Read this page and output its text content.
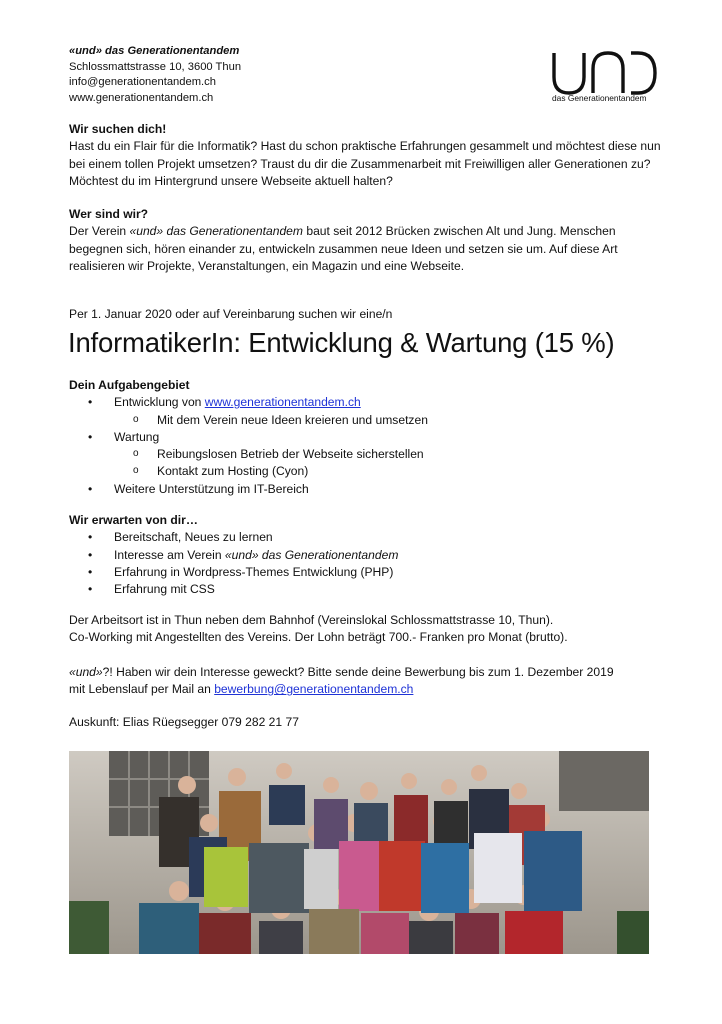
«und» das Generationentandem
Schlossmattstrasse 10, 3600 Thun
info@generationentandem.ch
www.generationentandem.ch	das Generationentandem

Wir suchen dich!

Hast du ein Flair für die Informatik? Hast du schon praktische Erfahrungen gesammelt und möchtest diese nun bei einem tollen Projekt umsetzen? Traust du dir die Zusammenarbeit mit Freiwilligen aller Generationen zu? Möchtest du im Hintergrund unsere Webseite aktuell halten?

Wer sind wir?

Der Verein «und» das Generationentandem baut seit 2012 Brücken zwischen Alt und Jung. Menschen begegnen sich, hören einander zu, entwickeln zusammen neue Ideen und setzen sie um. Auf diese Art realisieren wir Projekte, Veranstaltungen, ein Magazin und eine Webseite.

Per 1. Januar 2020 oder auf Vereinbarung suchen wir eine/n
InformatikerIn: Entwicklung & Wartung (15 %)

Dein Aufgabengebiet

• Entwicklung von www.generationentandem.ch
o Mit dem Verein neue Ideen kreieren und umsetzen
• Wartung
o Reibungslosen Betrieb der Webseite sicherstellen
o Kontakt zum Hosting (Cyon)
• Weitere Unterstützung im IT-Bereich

Wir erwarten von dir…

• Bereitschaft, Neues zu lernen
• Interesse am Verein «und» das Generationentandem
• Erfahrung in Wordpress-Themes Entwicklung (PHP)
• Erfahrung mit CSS

Der Arbeitsort ist in Thun neben dem Bahnhof (Vereinslokal Schlossmattstrasse 10, Thun).

Co-Working mit Angestellten des Vereins. Der Lohn beträgt 700.- Franken pro Monat (brutto).

«und»?! Haben wir dein Interesse geweckt? Bitte sende deine Bewerbung bis zum 1. Dezember 2019 mit Lebenslauf per Mail an bewerbung@generationentandem.ch

Auskunft: Elias Rüegsegger 079 282 21 77
